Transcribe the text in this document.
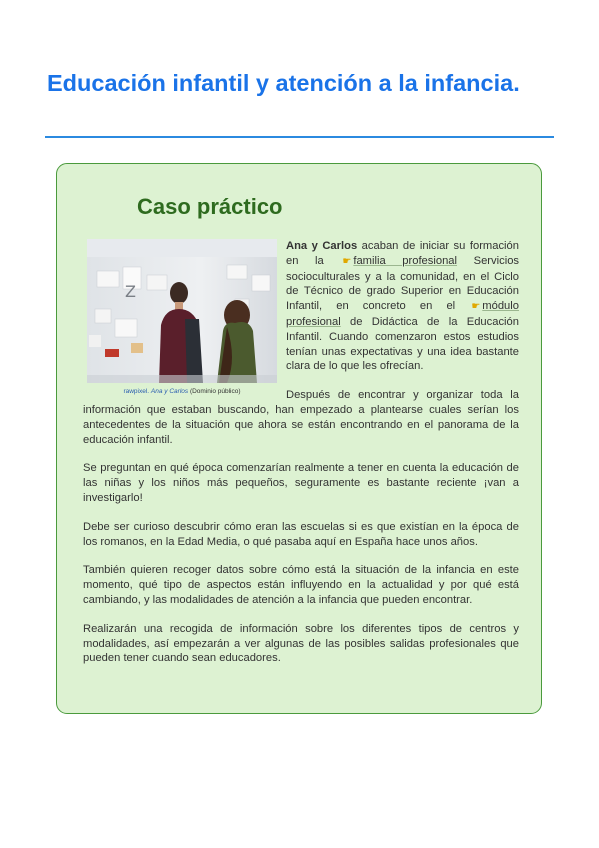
Educación infantil y atención a la infancia.
Caso práctico
Z
rawpixel. Ana y Carlos (Dominio público)

Ana y Carlos acaban de iniciar su formación en la ☛ familia profesional Servicios socioculturales y a la comunidad, en el Ciclo de Técnico de grado Superior en Educación Infantil, en concreto en el ☛ módulo profesional de Didáctica de la Educación Infantil. Cuando comenzaron estos estudios tenían unas expectativas y una idea bastante clara de lo que les ofrecían.

Después de encontrar y organizar toda la información que estaban buscando, han empezado a plantearse cuales serían los antecedentes de la situación que ahora se están encontrando en el panorama de la educación infantil.

Se preguntan en qué época comenzarían realmente a tener en cuenta la educación de las niñas y los niños más pequeños, seguramente es bastante reciente ¡van a investigarlo!

Debe ser curioso descubrir cómo eran las escuelas si es que existían en la época de los romanos, en la Edad Media, o qué pasaba aquí en España hace unos años.

También quieren recoger datos sobre cómo está la situación de la infancia en este momento, qué tipo de aspectos están influyendo en la actualidad y por qué está cambiando, y las modalidades de atención a la infancia que pueden encontrar.

Realizarán una recogida de información sobre los diferentes tipos de centros y modalidades, así empezarán a ver algunas de las posibles salidas profesionales que pueden tener cuando sean educadores.
